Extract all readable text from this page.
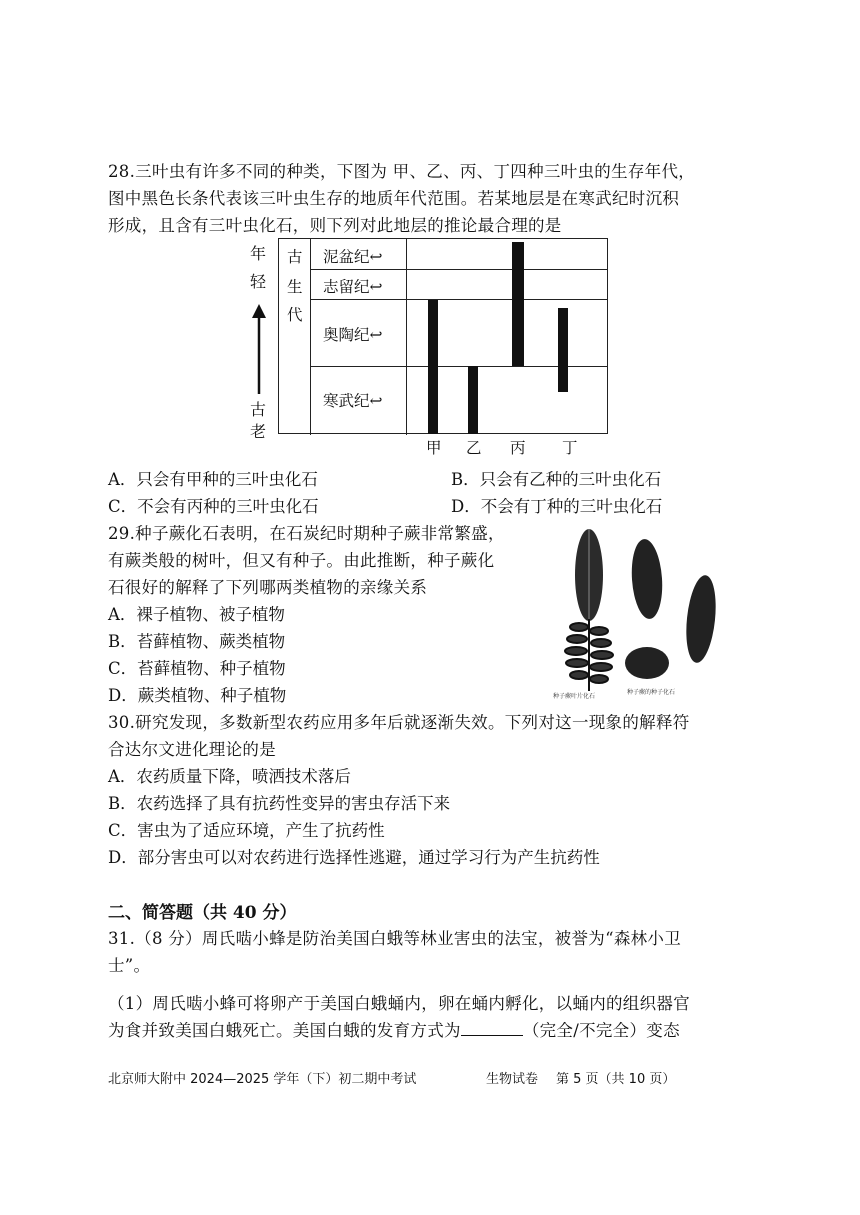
28.三叶虫有许多不同的种类，下图为 甲、乙、丙、丁四种三叶虫的生存年代，
图中黑色长条代表该三叶虫生存的地质年代范围。若某地层是在寒武纪时沉积
形成，且含有三叶虫化石，则下列对此地层的推论最合理的是
年
轻
古
老
古
生
代
泥盆纪↩
志留纪↩
奥陶纪↩
寒武纪↩
甲 乙 丙 丁
A．只会有甲种的三叶虫化石	B．只会有乙种的三叶虫化石
C．不会有丙种的三叶虫化石	D．不会有丁种的三叶虫化石
29.种子蕨化石表明，在石炭纪时期种子蕨非常繁盛，
有蕨类般的树叶，但又有种子。由此推断，种子蕨化
石很好的解释了下列哪两类植物的亲缘关系
A．裸子植物、被子植物
B．苔藓植物、蕨类植物
C．苔藓植物、种子植物
D．蕨类植物、种子植物	种子蕨叶片化石
种子蕨的种子化石
30.研究发现，多数新型农药应用多年后就逐渐失效。下列对这一现象的解释符
合达尔文进化理论的是
A．农药质量下降，喷洒技术落后
B．农药选择了具有抗药性变异的害虫存活下来
C．害虫为了适应环境，产生了抗药性
D．部分害虫可以对农药进行选择性逃避，通过学习行为产生抗药性
二、简答题（共 40 分）
31.（8 分）周氏啮小蜂是防治美国白蛾等林业害虫的法宝，被誉为“森林小卫
士”。
（1）周氏啮小蜂可将卵产于美国白蛾蛹内，卵在蛹内孵化，以蛹内的组织器官
为食并致美国白蛾死亡。美国白蛾的发育方式为	（完全/不完全）变态
北京师大附中 2024—2025 学年（下）初二期中考试	生物试卷 第 5 页（共 10 页）
